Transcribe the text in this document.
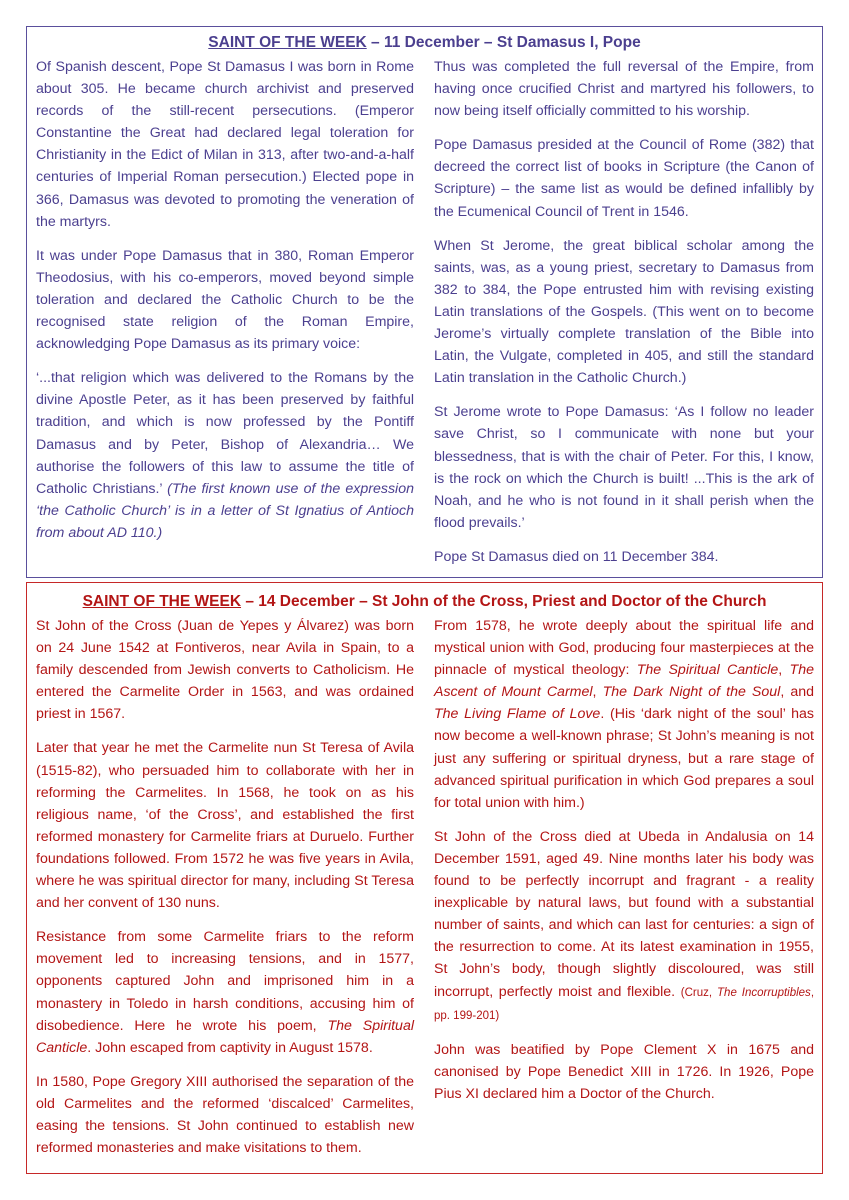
SAINT OF THE WEEK – 11 December – St Damasus I, Pope

Of Spanish descent, Pope St Damasus I was born in Rome about 305. He became church archivist and preserved records of the still-recent persecutions. (Emperor Constantine the Great had declared legal toleration for Christianity in the Edict of Milan in 313, after two-and-a-half centuries of Imperial Roman persecution.) Elected pope in 366, Damasus was devoted to promoting the veneration of the martyrs.

It was under Pope Damasus that in 380, Roman Emperor Theodosius, with his co-emperors, moved beyond simple toleration and declared the Catholic Church to be the recognised state religion of the Roman Empire, acknowledging Pope Damasus as its primary voice:

‘...that religion which was delivered to the Romans by the divine Apostle Peter, as it has been preserved by faithful tradition, and which is now professed by the Pontiff Damasus and by Peter, Bishop of Alexandria… We authorise the followers of this law to assume the title of Catholic Christians.’ (The first known use of the expression ‘the Catholic Church’ is in a letter of St Ignatius of Antioch from about AD 110.)

Thus was completed the full reversal of the Empire, from having once crucified Christ and martyred his followers, to now being itself officially committed to his worship.

Pope Damasus presided at the Council of Rome (382) that decreed the correct list of books in Scripture (the Canon of Scripture) – the same list as would be defined infallibly by the Ecumenical Council of Trent in 1546.

When St Jerome, the great biblical scholar among the saints, was, as a young priest, secretary to Damasus from 382 to 384, the Pope entrusted him with revising existing Latin translations of the Gospels. (This went on to become Jerome’s virtually complete translation of the Bible into Latin, the Vulgate, completed in 405, and still the standard Latin translation in the Catholic Church.)

St Jerome wrote to Pope Damasus: ‘As I follow no leader save Christ, so I communicate with none but your blessedness, that is with the chair of Peter. For this, I know, is the rock on which the Church is built! ...This is the ark of Noah, and he who is not found in it shall perish when the flood prevails.’

Pope St Damasus died on 11 December 384.

SAINT OF THE WEEK – 14 December – St John of the Cross, Priest and Doctor of the Church

St John of the Cross (Juan de Yepes y Álvarez) was born on 24 June 1542 at Fontiveros, near Avila in Spain, to a family descended from Jewish converts to Catholicism. He entered the Carmelite Order in 1563, and was ordained priest in 1567.

Later that year he met the Carmelite nun St Teresa of Avila (1515-82), who persuaded him to collaborate with her in reforming the Carmelites. In 1568, he took on as his religious name, ‘of the Cross’, and established the first reformed monastery for Carmelite friars at Duruelo. Further foundations followed. From 1572 he was five years in Avila, where he was spiritual director for many, including St Teresa and her convent of 130 nuns.

Resistance from some Carmelite friars to the reform movement led to increasing tensions, and in 1577, opponents captured John and imprisoned him in a monastery in Toledo in harsh conditions, accusing him of disobedience. Here he wrote his poem, The Spiritual Canticle. John escaped from captivity in August 1578.

In 1580, Pope Gregory XIII authorised the separation of the old Carmelites and the reformed ‘discalced’ Carmelites, easing the tensions. St John continued to establish new reformed monasteries and make visitations to them.

From 1578, he wrote deeply about the spiritual life and mystical union with God, producing four masterpieces at the pinnacle of mystical theology: The Spiritual Canticle, The Ascent of Mount Carmel, The Dark Night of the Soul, and The Living Flame of Love. (His ‘dark night of the soul’ has now become a well-known phrase; St John’s meaning is not just any suffering or spiritual dryness, but a rare stage of advanced spiritual purification in which God prepares a soul for total union with him.)

St John of the Cross died at Ubeda in Andalusia on 14 December 1591, aged 49. Nine months later his body was found to be perfectly incorrupt and fragrant - a reality inexplicable by natural laws, but found with a substantial number of saints, and which can last for centuries: a sign of the resurrection to come. At its latest examination in 1955, St John’s body, though slightly discoloured, was still incorrupt, perfectly moist and flexible. (Cruz, The Incorruptibles, pp. 199-201)

John was beatified by Pope Clement X in 1675 and canonised by Pope Benedict XIII in 1726. In 1926, Pope Pius XI declared him a Doctor of the Church.
